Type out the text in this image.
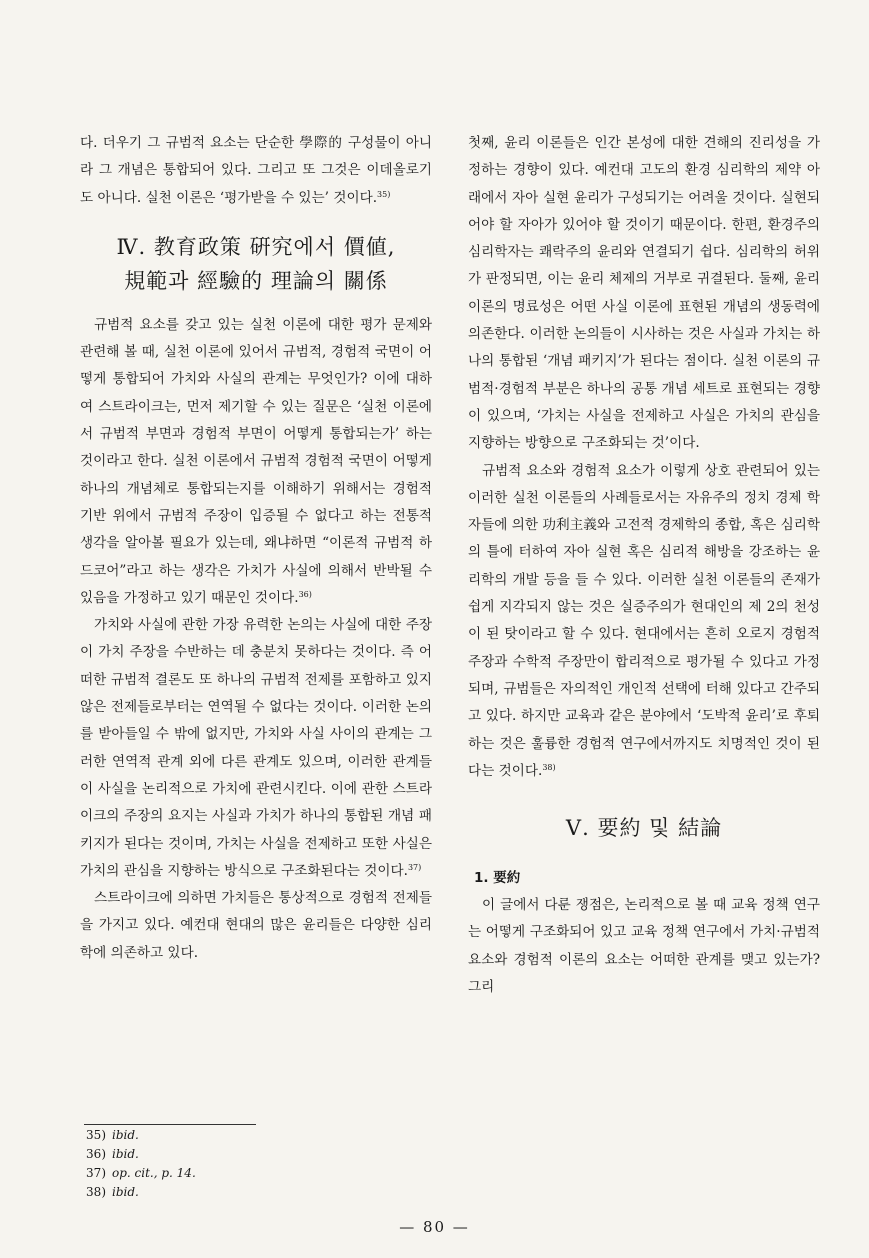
다. 더우기 그 규범적 요소는 단순한 學際的 구성물이 아니라 그 개념은 통합되어 있다. 그리고 또 그것은 이데올로기도 아니다. 실천 이론은 ‘평가받을 수 있는’ 것이다.$^{35)}$

Ⅳ. 教育政策 硏究에서 價値,
規範과 經驗的 理論의 關係

규범적 요소를 갖고 있는 실천 이론에 대한 평가 문제와 관련해 볼 때, 실천 이론에 있어서 규범적, 경험적 국면이 어떻게 통합되어 가치와 사실의 관계는 무엇인가? 이에 대하여 스트라이크는, 먼저 제기할 수 있는 질문은 ‘실천 이론에서 규범적 부면과 경험적 부면이 어떻게 통합되는가’ 하는 것이라고 한다. 실천 이론에서 규범적 경험적 국면이 어떻게 하나의 개념체로 통합되는지를 이해하기 위해서는 경험적 기반 위에서 규범적 주장이 입증될 수 없다고 하는 전통적 생각을 알아볼 필요가 있는데, 왜냐하면 “이론적 규범적 하드코어”라고 하는 생각은 가치가 사실에 의해서 반박될 수 있음을 가정하고 있기 때문인 것이다.$^{36)}$

가치와 사실에 관한 가장 유력한 논의는 사실에 대한 주장이 가치 주장을 수반하는 데 충분치 못하다는 것이다. 즉 어떠한 규범적 결론도 또 하나의 규범적 전제를 포함하고 있지 않은 전제들로부터는 연역될 수 없다는 것이다. 이러한 논의를 받아들일 수 밖에 없지만, 가치와 사실 사이의 관계는 그러한 연역적 관계 외에 다른 관계도 있으며, 이러한 관계들이 사실을 논리적으로 가치에 관련시킨다. 이에 관한 스트라이크의 주장의 요지는 사실과 가치가 하나의 통합된 개념 패키지가 된다는 것이며, 가치는 사실을 전제하고 또한 사실은 가치의 관심을 지향하는 방식으로 구조화된다는 것이다.$^{37)}$

스트라이크에 의하면 가치들은 통상적으로 경험적 전제들을 가지고 있다. 예컨대 현대의 많은 윤리들은 다양한 심리학에 의존하고 있다.

첫째, 윤리 이론들은 인간 본성에 대한 견해의 진리성을 가정하는 경향이 있다. 예컨대 고도의 환경 심리학의 제약 아래에서 자아 실현 윤리가 구성되기는 어려울 것이다. 실현되어야 할 자아가 있어야 할 것이기 때문이다. 한편, 환경주의 심리학자는 쾌락주의 윤리와 연결되기 쉽다. 심리학의 허위가 판정되면, 이는 윤리 체제의 거부로 귀결된다. 둘째, 윤리 이론의 명료성은 어떤 사실 이론에 표현된 개념의 생동력에 의존한다. 이러한 논의들이 시사하는 것은 사실과 가치는 하나의 통합된 ‘개념 패키지’가 된다는 점이다. 실천 이론의 규범적·경험적 부분은 하나의 공통 개념 세트로 표현되는 경향이 있으며, ‘가치는 사실을 전제하고 사실은 가치의 관심을 지향하는 방향으로 구조화되는 것’이다.

규범적 요소와 경험적 요소가 이렇게 상호 관련되어 있는 이러한 실천 이론들의 사례들로서는 자유주의 정치 경제 학자들에 의한 功利主義와 고전적 경제학의 종합, 혹은 심리학의 틀에 터하여 자아 실현 혹은 심리적 해방을 강조하는 윤리학의 개발 등을 들 수 있다. 이러한 실천 이론들의 존재가 쉽게 지각되지 않는 것은 실증주의가 현대인의 제 2의 천성이 된 탓이라고 할 수 있다. 현대에서는 흔히 오로지 경험적 주장과 수학적 주장만이 합리적으로 평가될 수 있다고 가정되며, 규범들은 자의적인 개인적 선택에 터해 있다고 간주되고 있다. 하지만 교육과 같은 분야에서 ‘도박적 윤리’로 후퇴하는 것은 훌륭한 경험적 연구에서까지도 치명적인 것이 된다는 것이다.$^{38)}$

Ⅴ. 要約 및 結論
1. 要約

이 글에서 다룬 쟁점은, 논리적으로 볼 때 교육 정책 연구는 어떻게 구조화되어 있고 교육 정책 연구에서 가치·규범적 요소와 경험적 이론의 요소는 어떠한 관계를 맺고 있는가? 그리

35) ibid.
36) ibid.
37) op. cit., p. 14.
38) ibid.
— 80 —
